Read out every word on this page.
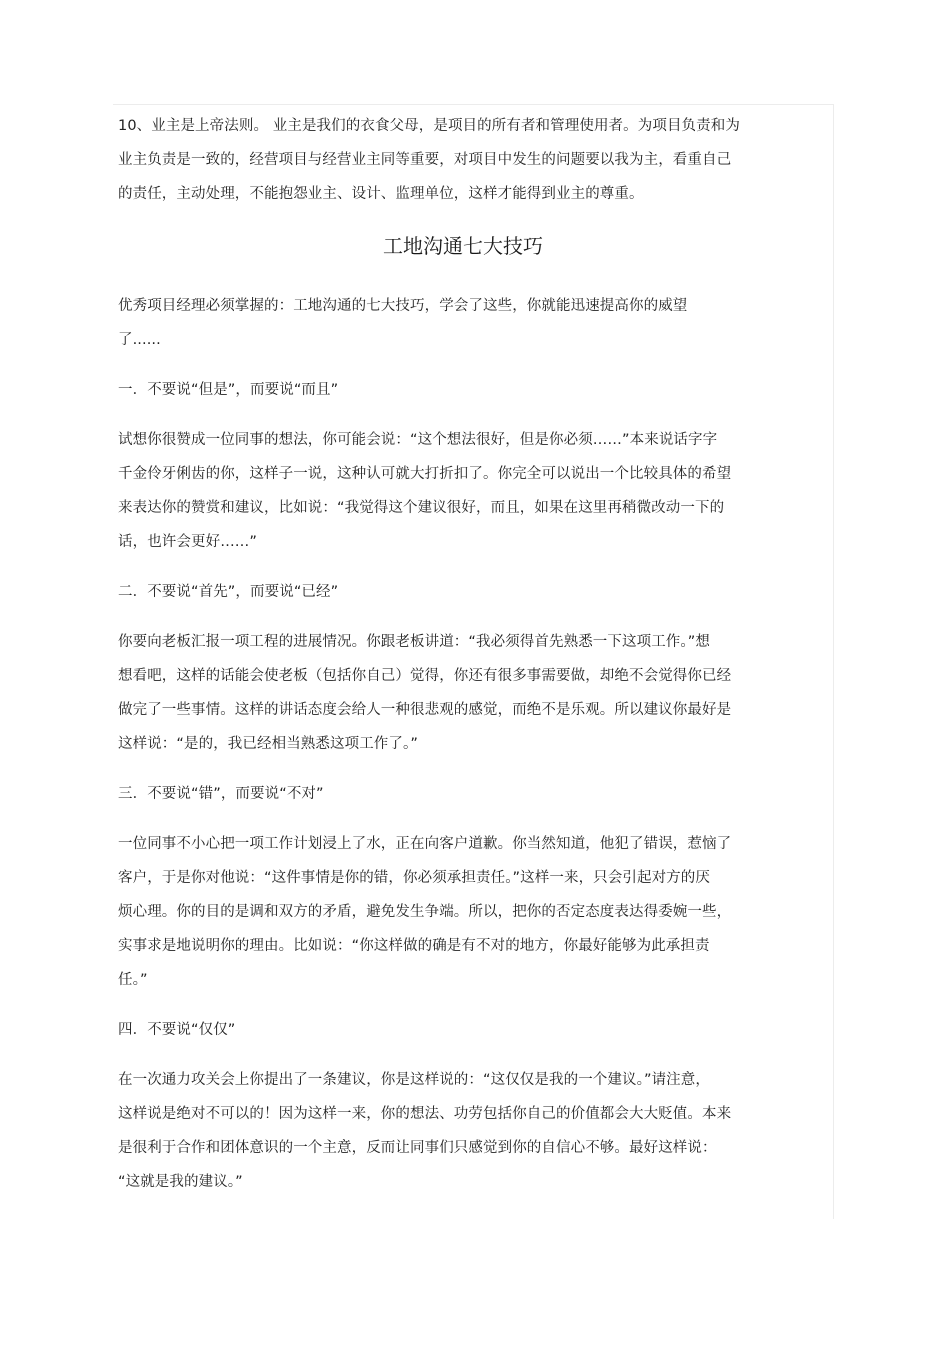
10、业主是上帝法则。 业主是我们的衣食父母，是项目的所有者和管理使用者。为项目负责和为
业主负责是一致的，经营项目与经营业主同等重要，对项目中发生的问题要以我为主，看重自己
的责任，主动处理，不能抱怨业主、设计、监理单位，这样才能得到业主的尊重。

工地沟通七大技巧

优秀项目经理必须掌握的：工地沟通的七大技巧，学会了这些，你就能迅速提高你的威望
了......

一．不要说“但是”，而要说“而且”

试想你很赞成一位同事的想法，你可能会说：“这个想法很好，但是你必须……”本来说话字字
千金伶牙俐齿的你，这样子一说，这种认可就大打折扣了。你完全可以说出一个比较具体的希望
来表达你的赞赏和建议，比如说：“我觉得这个建议很好，而且，如果在这里再稍微改动一下的
话，也许会更好……”

二．不要说“首先”，而要说“已经”

你要向老板汇报一项工程的进展情况。你跟老板讲道：“我必须得首先熟悉一下这项工作。”想
想看吧，这样的话能会使老板（包括你自己）觉得，你还有很多事需要做，却绝不会觉得你已经
做完了一些事情。这样的讲话态度会给人一种很悲观的感觉，而绝不是乐观。所以建议你最好是
这样说：“是的，我已经相当熟悉这项工作了。”

三．不要说“错”，而要说“不对”

一位同事不小心把一项工作计划浸上了水，正在向客户道歉。你当然知道，他犯了错误，惹恼了
客户，于是你对他说：“这件事情是你的错，你必须承担责任。”这样一来，只会引起对方的厌
烦心理。你的目的是调和双方的矛盾，避免发生争端。所以，把你的否定态度表达得委婉一些，
实事求是地说明你的理由。比如说：“你这样做的确是有不对的地方，你最好能够为此承担责
任。”

四．不要说“仅仅”

在一次通力攻关会上你提出了一条建议，你是这样说的：“这仅仅是我的一个建议。”请注意，
这样说是绝对不可以的！因为这样一来，你的想法、功劳包括你自己的价值都会大大贬值。本来
是很利于合作和团体意识的一个主意，反而让同事们只感觉到你的自信心不够。最好这样说：
“这就是我的建议。”
